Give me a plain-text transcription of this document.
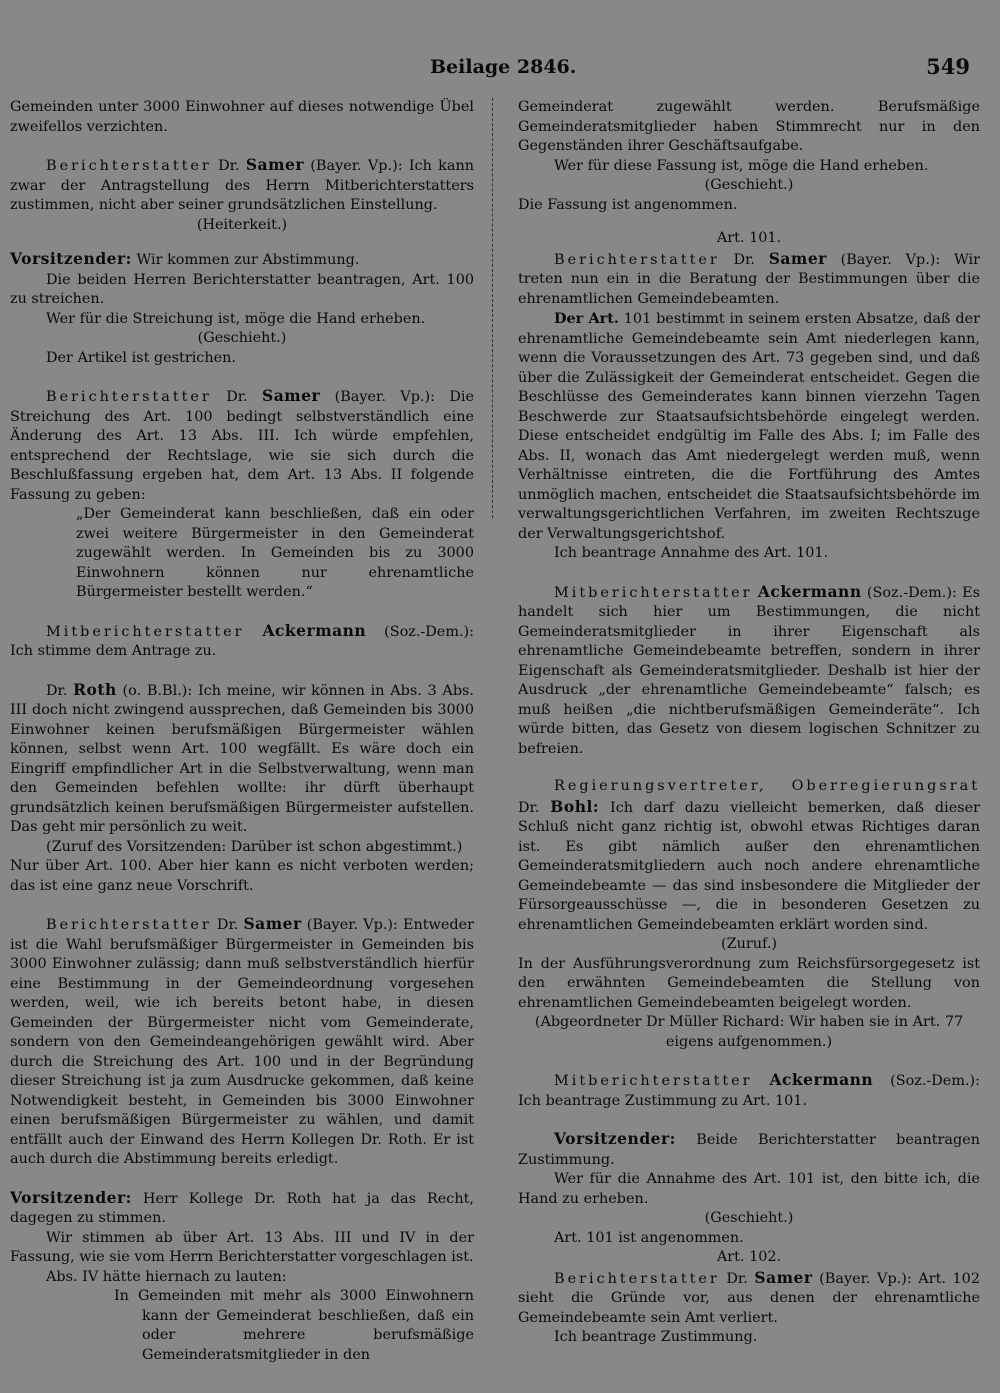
Beilage 2846.	549

Gemeinden unter 3000 Einwohner auf dieses notwendige Übel zweifellos verzichten.

Berichterstatter Dr. Samer (Bayer. Vp.): Ich kann zwar der Antragstellung des Herrn Mitberichterstatters zustimmen, nicht aber seiner grundsätzlichen Einstellung.

(Heiterkeit.)

Vorsitzender: Wir kommen zur Abstimmung.

Die beiden Herren Berichterstatter beantragen, Art. 100 zu streichen.

Wer für die Streichung ist, möge die Hand erheben.

(Geschieht.)

Der Artikel ist gestrichen.

Berichterstatter Dr. Samer (Bayer. Vp.): Die Streichung des Art. 100 bedingt selbstverständlich eine Änderung des Art. 13 Abs. III. Ich würde empfehlen, entsprechend der Rechtslage, wie sie sich durch die Beschlußfassung ergeben hat, dem Art. 13 Abs. II folgende Fassung zu geben:

„Der Gemeinderat kann beschließen, daß ein oder zwei weitere Bürgermeister in den Gemeinderat zugewählt werden. In Gemeinden bis zu 3000 Einwohnern können nur ehrenamtliche Bürgermeister bestellt werden.“

Mitberichterstatter Ackermann (Soz.-Dem.): Ich stimme dem Antrage zu.

Dr. Roth (o. B.Bl.): Ich meine, wir können in Abs. 3 Abs. III doch nicht zwingend aussprechen, daß Gemeinden bis 3000 Einwohner keinen berufsmäßigen Bürgermeister wählen können, selbst wenn Art. 100 wegfällt. Es wäre doch ein Eingriff empfindlicher Art in die Selbstverwaltung, wenn man den Gemeinden befehlen wollte: ihr dürft überhaupt grundsätzlich keinen berufsmäßigen Bürgermeister aufstellen. Das geht mir persönlich zu weit.

(Zuruf des Vorsitzenden: Darüber ist schon abgestimmt.)

Nur über Art. 100. Aber hier kann es nicht verboten werden; das ist eine ganz neue Vorschrift.

Berichterstatter Dr. Samer (Bayer. Vp.): Entweder ist die Wahl berufsmäßiger Bürgermeister in Gemeinden bis 3000 Einwohner zulässig; dann muß selbstverständlich hierfür eine Bestimmung in der Gemeindeordnung vorgesehen werden, weil, wie ich bereits betont habe, in diesen Gemeinden der Bürgermeister nicht vom Gemeinderate, sondern von den Gemeindeangehörigen gewählt wird. Aber durch die Streichung des Art. 100 und in der Begründung dieser Streichung ist ja zum Ausdrucke gekommen, daß keine Notwendigkeit besteht, in Gemeinden bis 3000 Einwohner einen berufsmäßigen Bürgermeister zu wählen, und damit entfällt auch der Einwand des Herrn Kollegen Dr. Roth. Er ist auch durch die Abstimmung bereits erledigt.

Vorsitzender: Herr Kollege Dr. Roth hat ja das Recht, dagegen zu stimmen.

Wir stimmen ab über Art. 13 Abs. III und IV in der Fassung, wie sie vom Herrn Berichterstatter vorgeschlagen ist.

Abs. IV hätte hiernach zu lauten:

In Gemeinden mit mehr als 3000 Einwohnern kann der Gemeinderat beschließen, daß ein oder mehrere berufsmäßige Gemeinderatsmitglieder in den

Gemeinderat zugewählt werden. Berufsmäßige Gemeinderatsmitglieder haben Stimmrecht nur in den Gegenständen ihrer Geschäftsaufgabe.

Wer für diese Fassung ist, möge die Hand erheben.

(Geschieht.)

Die Fassung ist angenommen.

Art. 101.

Berichterstatter Dr. Samer (Bayer. Vp.): Wir treten nun ein in die Beratung der Bestimmungen über die ehrenamtlichen Gemeindebeamten.

Der Art. 101 bestimmt in seinem ersten Absatze, daß der ehrenamtliche Gemeindebeamte sein Amt niederlegen kann, wenn die Voraussetzungen des Art. 73 gegeben sind, und daß über die Zulässigkeit der Gemeinderat entscheidet. Gegen die Beschlüsse des Gemeinderates kann binnen vierzehn Tagen Beschwerde zur Staatsaufsichtsbehörde eingelegt werden. Diese entscheidet endgültig im Falle des Abs. I; im Falle des Abs. II, wonach das Amt niedergelegt werden muß, wenn Verhältnisse eintreten, die die Fortführung des Amtes unmöglich machen, entscheidet die Staatsaufsichtsbehörde im verwaltungsgerichtlichen Verfahren, im zweiten Rechtszuge der Verwaltungsgerichtshof.

Ich beantrage Annahme des Art. 101.

Mitberichterstatter Ackermann (Soz.-Dem.): Es handelt sich hier um Bestimmungen, die nicht Gemeinderatsmitglieder in ihrer Eigenschaft als ehrenamtliche Gemeindebeamte betreffen, sondern in ihrer Eigenschaft als Gemeinderatsmitglieder. Deshalb ist hier der Ausdruck „der ehrenamtliche Gemeindebeamte“ falsch; es muß heißen „die nichtberufsmäßigen Gemeinderäte“. Ich würde bitten, das Gesetz von diesem logischen Schnitzer zu befreien.

Regierungsvertreter, Oberregierungsrat Dr. Bohl: Ich darf dazu vielleicht bemerken, daß dieser Schluß nicht ganz richtig ist, obwohl etwas Richtiges daran ist. Es gibt nämlich außer den ehrenamtlichen Gemeinderatsmitgliedern auch noch andere ehrenamtliche Gemeindebeamte — das sind insbesondere die Mitglieder der Fürsorgeausschüsse —, die in besonderen Gesetzen zu ehrenamtlichen Gemeindebeamten erklärt worden sind.

(Zuruf.)

In der Ausführungsverordnung zum Reichsfürsorgegesetz ist den erwähnten Gemeindebeamten die Stellung von ehrenamtlichen Gemeindebeamten beigelegt worden.

(Abgeordneter Dr Müller Richard: Wir haben sie in Art. 77 eigens aufgenommen.)

Mitberichterstatter Ackermann (Soz.-Dem.): Ich beantrage Zustimmung zu Art. 101.

Vorsitzender: Beide Berichterstatter beantragen Zustimmung.

Wer für die Annahme des Art. 101 ist, den bitte ich, die Hand zu erheben.

(Geschieht.)

Art. 101 ist angenommen.

Art. 102.

Berichterstatter Dr. Samer (Bayer. Vp.): Art. 102 sieht die Gründe vor, aus denen der ehrenamtliche Gemeindebeamte sein Amt verliert.

Ich beantrage Zustimmung.
